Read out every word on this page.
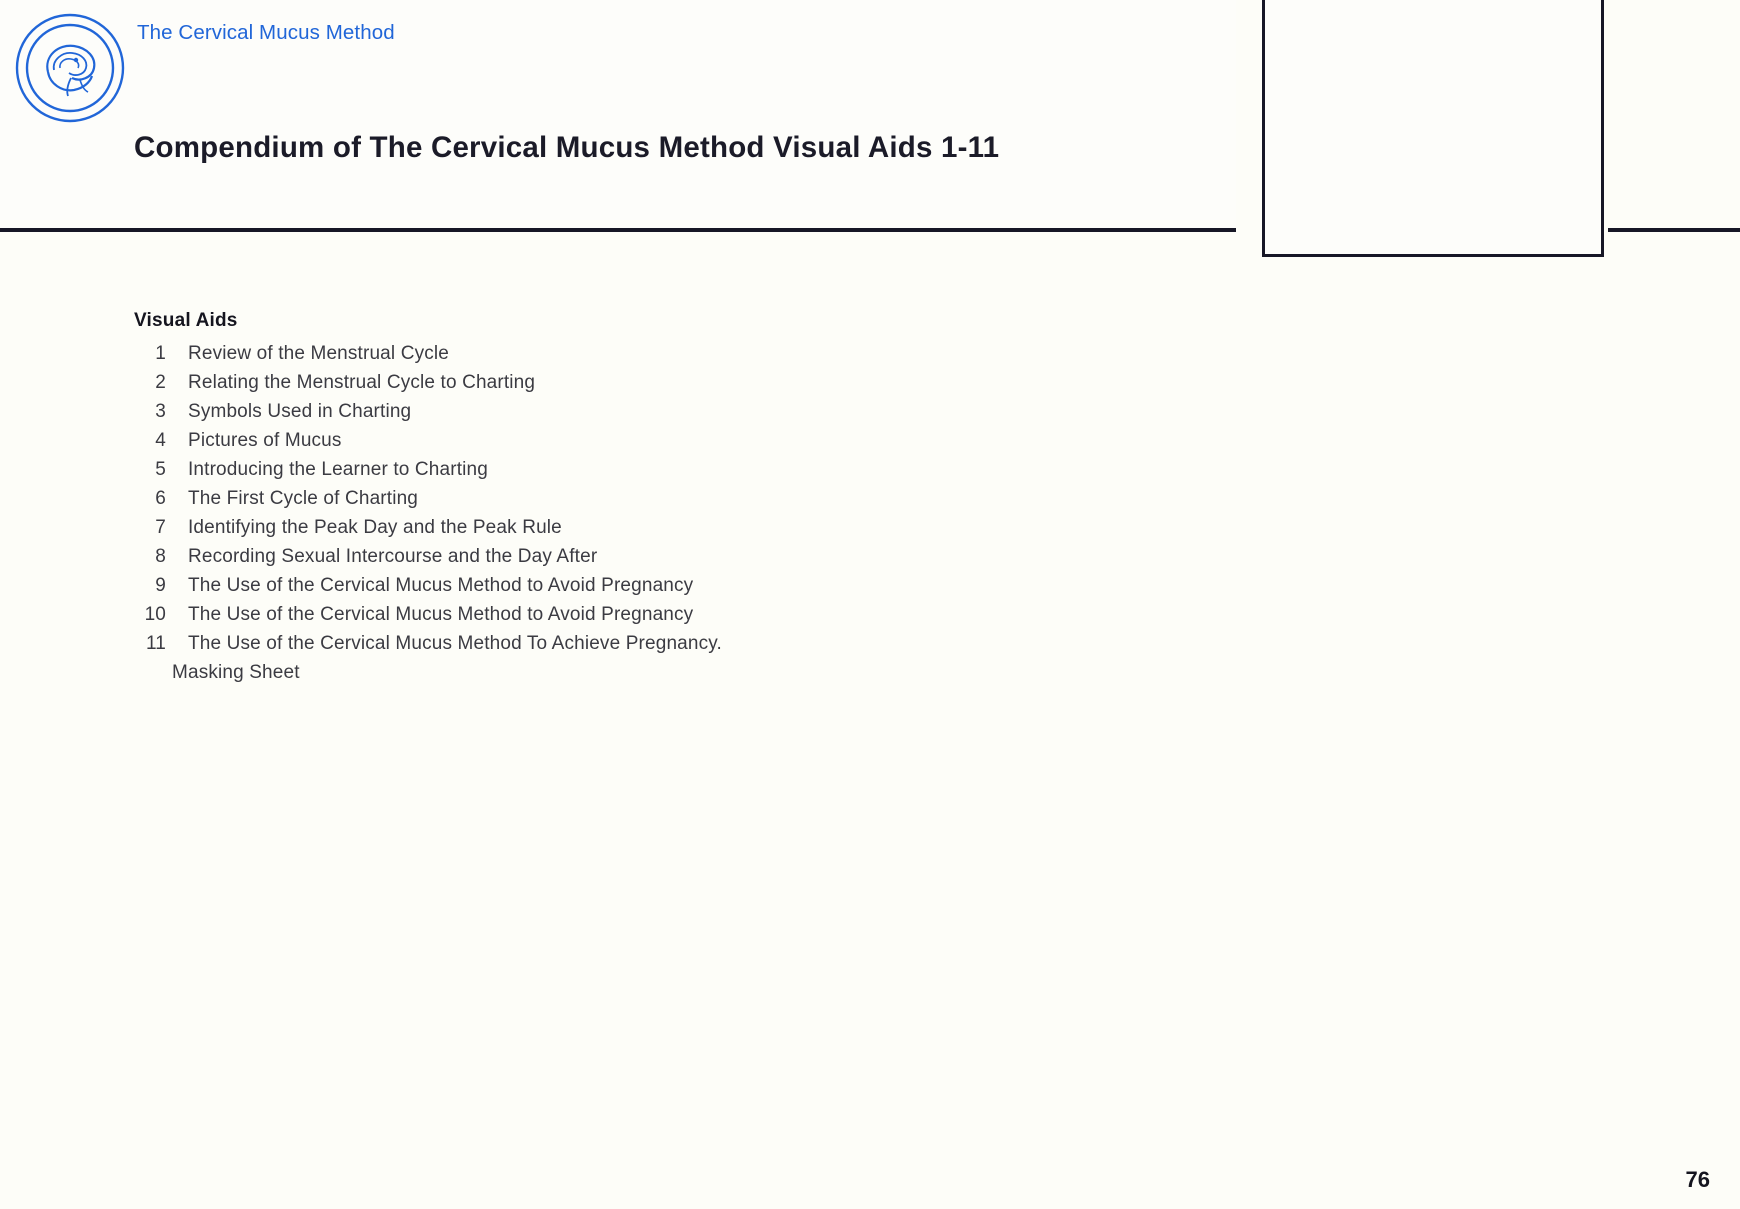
The Cervical Mucus Method
Compendium of The Cervical Mucus Method Visual Aids 1-11
Visual Aids
1	Review of the Menstrual Cycle
2	Relating the Menstrual Cycle to Charting
3	Symbols Used in Charting
4	Pictures of Mucus
5	Introducing the Learner to Charting
6	The First Cycle of Charting
7	Identifying the Peak Day and the Peak Rule
8	Recording Sexual Intercourse and the Day After
9	The Use of the Cervical Mucus Method to Avoid Pregnancy
10	The Use of the Cervical Mucus Method to Avoid Pregnancy
11	The Use of the Cervical Mucus Method To Achieve Pregnancy.
Masking Sheet
76
